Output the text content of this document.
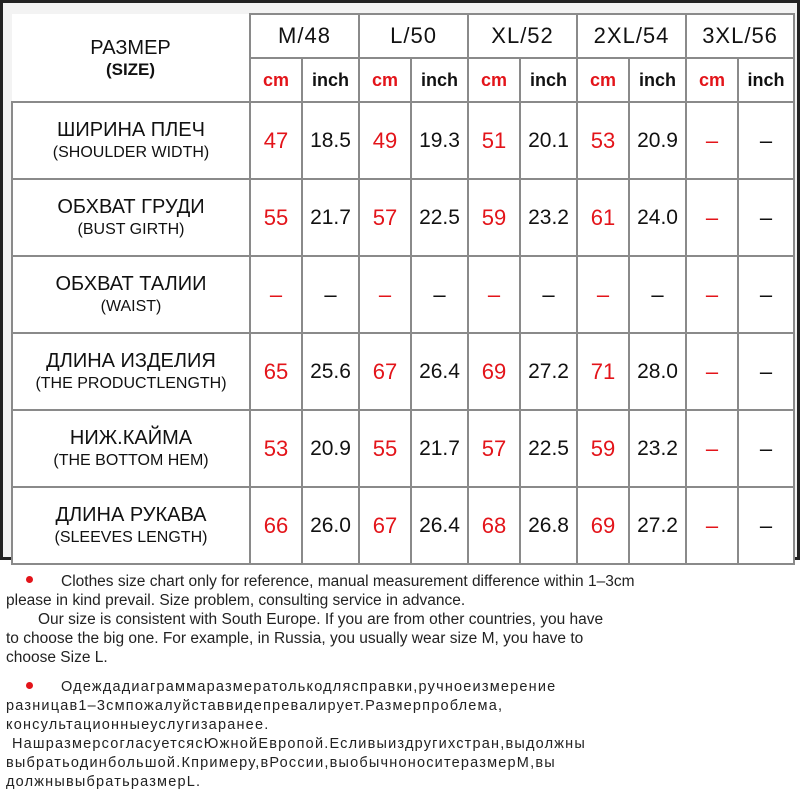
РАЗМЕР
(SIZE)	M/48		L/50		XL/52		2XL/54		3XL/56	
	cm	inch	cm	inch	cm	inch	cm	inch	cm	inch

ШИРИНА ПЛЕЧ
(SHOULDER WIDTH)	47	18.5	49	19.3	51	20.1	53	20.9	–	–

ОБХВАТ ГРУДИ
(BUST GIRTH)	55	21.7	57	22.5	59	23.2	61	24.0	–	–

ОБХВАТ ТАЛИИ
(WAIST)	–	–	–	–	–	–	–	–	–	–

ДЛИНА ИЗДЕЛИЯ
(THE PRODUCTLENGTH)	65	25.6	67	26.4	69	27.2	71	28.0	–	–

НИЖ.КАЙМА
(THE BOTTOM HEM)	53	20.9	55	21.7	57	22.5	59	23.2	–	–

ДЛИНА РУКАВА
(SLEEVES LENGTH)	66	26.0	67	26.4	68	26.8	69	27.2	–	–

Clothes size chart only for reference, manual measurement difference within 1–3cm

please in kind prevail. Size problem, consulting service in advance.

Our size is consistent with South Europe. If you are from other countries, you have

to choose the big one. For example, in Russia, you usually wear size M, you have to

choose Size L.

Одеждадиаграммаразмератолькодляcправки,ручноеизмерение

разницав1–3cмпожалуйставвидепревалирует.Размерпроблема,

консультационныеуслугизаранее.

НашразмерсогласуетсясЮжнойЕвропой.Есливыиздругихстран,выдолжны

выбратьодинбольшой.Кпримеру,вРоссии,выобычноноситеразмерM,вы

должнывыбратьразмерL.
